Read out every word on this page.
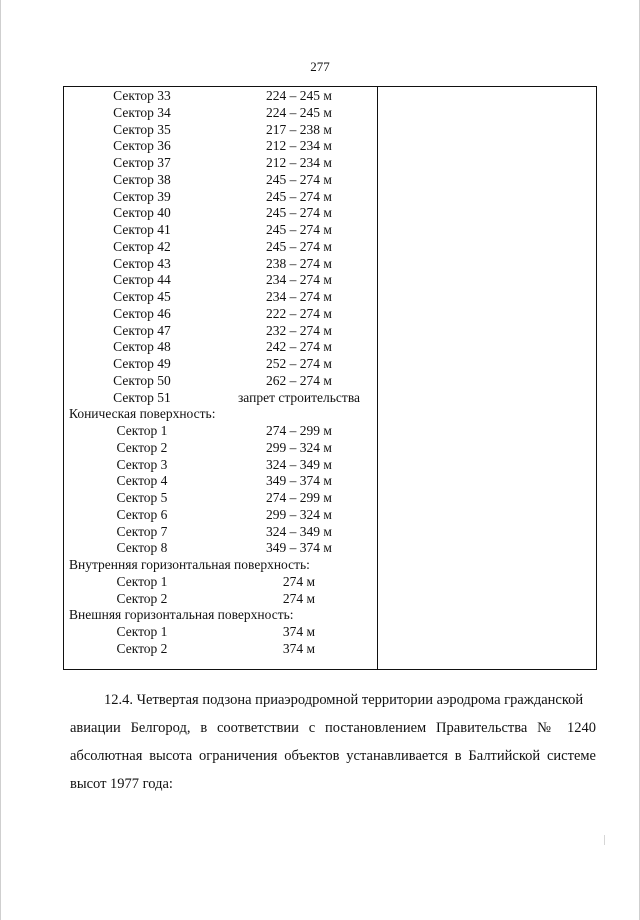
277
Сектор 33	224 – 245 м
Сектор 34	224 – 245 м
Сектор 35	217 – 238 м
Сектор 36	212 – 234 м
Сектор 37	212 – 234 м
Сектор 38	245 – 274 м
Сектор 39	245 – 274 м
Сектор 40	245 – 274 м
Сектор 41	245 – 274 м
Сектор 42	245 – 274 м
Сектор 43	238 – 274 м
Сектор 44	234 – 274 м
Сектор 45	234 – 274 м
Сектор 46	222 – 274 м
Сектор 47	232 – 274 м
Сектор 48	242 – 274 м
Сектор 49	252 – 274 м
Сектор 50	262 – 274 м
Сектор 51	запрет строительства
Коническая поверхность:
Сектор 1	274 – 299 м
Сектор 2	299 – 324 м
Сектор 3	324 – 349 м
Сектор 4	349 – 374 м
Сектор 5	274 – 299 м
Сектор 6	299 – 324 м
Сектор 7	324 – 349 м
Сектор 8	349 – 374 м
Внутренняя горизонтальная поверхность:
Сектор 1	274 м
Сектор 2	274 м
Внешняя горизонтальная поверхность:
Сектор 1	374 м
Сектор 2	374 м
12.4. Четвертая подзона приаэродромной территории аэродрома гражданской
авиации Белгород, в соответствии с постановлением Правительства № 1240 абсолютная высота ограничения объектов устанавливается в Балтийской системе высот 1977 года:
